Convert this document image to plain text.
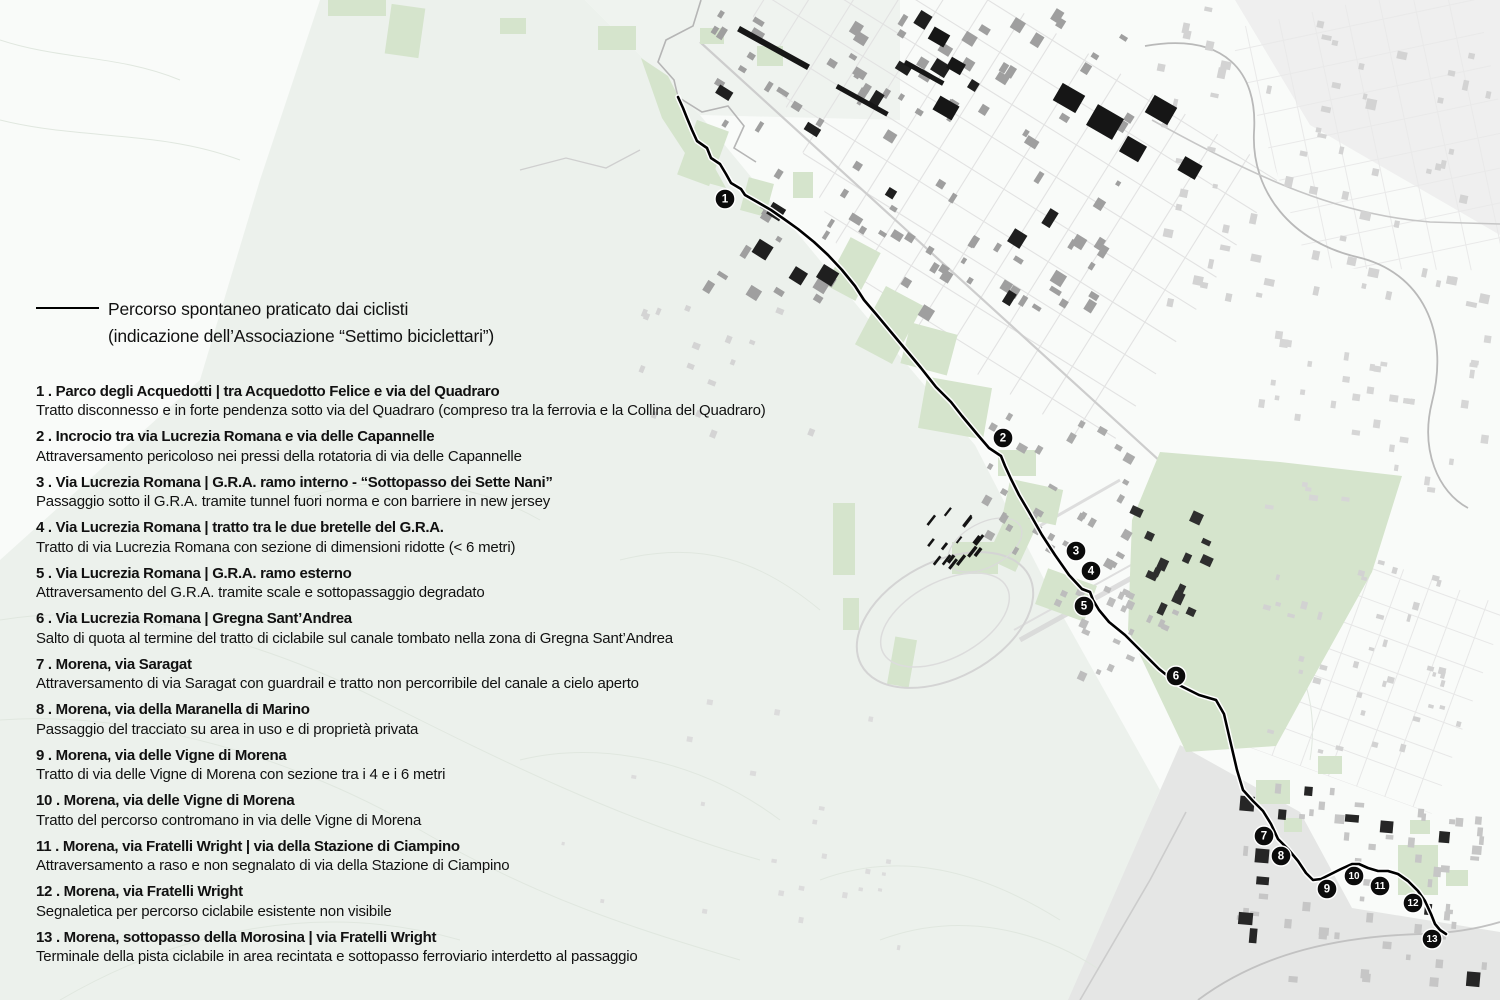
1
2
3
4
5
6
7
8
9
10
11
12
13
Percorso spontaneo praticato dai ciclisti
(indicazione dell’Associazione “Settimo biciclettari”)
1 . Parco degli Acquedotti | tra Acquedotto Felice e via del Quadraro
Tratto disconnesso e in forte pendenza sotto via del Quadraro (compreso tra la ferrovia e la Collina del Quadraro)
2 . Incrocio tra via Lucrezia Romana e via delle Capannelle
Attraversamento pericoloso nei pressi della rotatoria di via delle Capannelle
3 . Via Lucrezia Romana | G.R.A. ramo interno - “Sottopasso dei Sette Nani”
Passaggio sotto il G.R.A. tramite tunnel fuori norma e con barriere in new jersey
4 . Via Lucrezia Romana | tratto tra le due bretelle del G.R.A.
Tratto di via Lucrezia Romana con sezione di dimensioni ridotte (< 6 metri)
5 . Via Lucrezia Romana | G.R.A. ramo esterno
Attraversamento del G.R.A. tramite scale e sottopassaggio degradato
6 . Via Lucrezia Romana | Gregna Sant’Andrea
Salto di quota al termine del tratto di ciclabile sul canale tombato nella zona di Gregna Sant’Andrea
7 . Morena, via Saragat
Attraversamento di via Saragat con guardrail e tratto non percorribile del canale a cielo aperto
8 . Morena, via della Maranella di Marino
Passaggio del tracciato su area in uso e di proprietà privata
9 . Morena, via delle Vigne di Morena
Tratto di via delle Vigne di Morena con sezione tra i 4 e i 6 metri
10 . Morena, via delle Vigne di Morena
Tratto del percorso contromano in via delle Vigne di Morena
11 . Morena, via Fratelli Wright | via della Stazione di Ciampino
Attraversamento a raso e non segnalato di via della Stazione di Ciampino
12 . Morena, via Fratelli Wright
Segnaletica per percorso ciclabile esistente non visibile
13 . Morena, sottopasso della Morosina | via Fratelli Wright
Terminale della pista ciclabile in area recintata e sottopasso ferroviario interdetto al passaggio
